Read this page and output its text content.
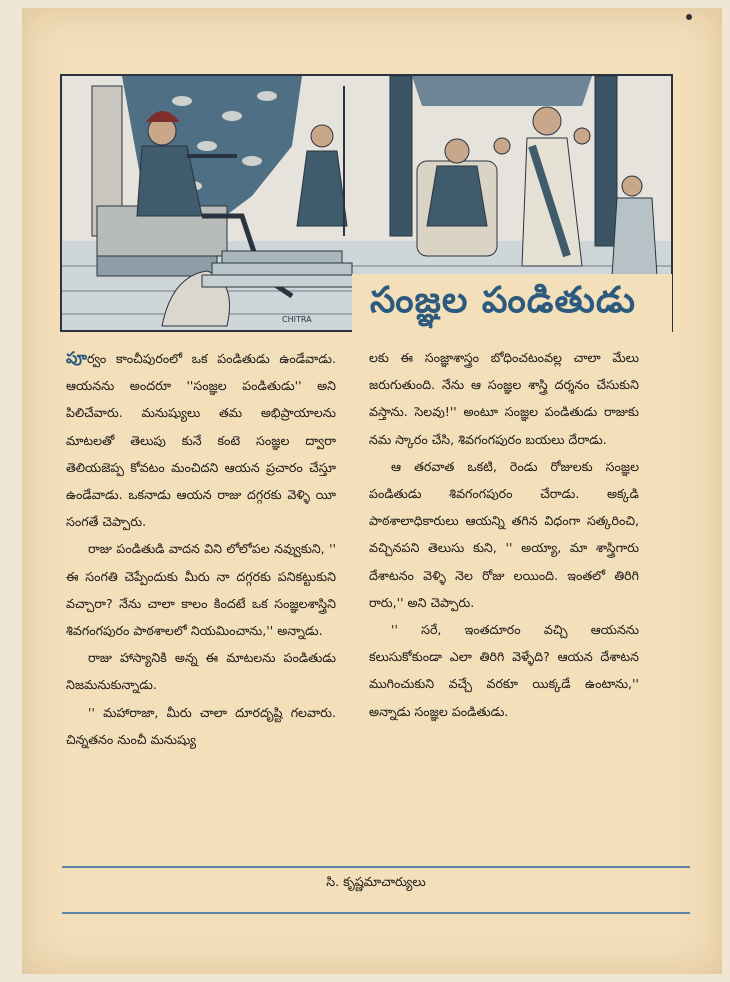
CHITRA	సంజ్ఞల పండితుడు

పూర్వం కాంచీపురంలో ఒక పండితుడు ఉండేవాడు. ఆయనను అందరూ ''సంజ్ఞల పండితుడు'' అని పిలిచేవారు. మనుష్యులు తమ అభిప్రాయాలను మాటలతో తెలుపు కునే కంటె సంజ్ఞల ద్వారా తెలియజెప్ప కోవటం మంచిదని ఆయన ప్రచారం చేస్తూ ఉండేవాడు. ఒకనాడు ఆయన రాజు దగ్గరకు వెళ్ళి యీ సంగతే చెప్పారు.

రాజు పండితుడి వాదన విని లోలోపల నవ్వుకుని, '' ఈ సంగతి చెప్పేందుకు మీరు నా దగ్గరకు పనికట్టుకుని వచ్చారా? నేను చాలా కాలం కిందటే ఒక సంజ్ఞలశాస్త్రిని శివగంగపురం పాఠశాలలో నియమించాను,'' అన్నాడు.

రాజు హాస్యానికి అన్న ఈ మాటలను పండితుడు నిజమనుకున్నాడు.

'' మహారాజా, మీరు చాలా దూరదృష్టి గలవారు. చిన్నతనం నుంచీ మనుష్యు

లకు ఈ సంజ్ఞాశాస్త్రం బోధించటంవల్ల చాలా మేలు జరుగుతుంది. నేను ఆ సంజ్ఞల శాస్త్రి దర్శనం చేసుకుని వస్తాను. సెలవు!'' అంటూ సంజ్ఞల పండితుడు రాజుకు నమ స్కారం చేసి, శివగంగపురం బయలు దేరాడు.

ఆ తరవాత ఒకటి, రెండు రోజులకు సంజ్ఞల పండితుడు శివగంగపురం చేరాడు. అక్కడి పాఠశాలాధికారులు ఆయన్ని తగిన విధంగా సత్కరించి, వచ్చినపని తెలుసు కుని, '' అయ్యా, మా శాస్త్రిగారు దేశాటనం వెళ్ళి నెల రోజు లయింది. ఇంతలో తిరిగి రారు,'' అని చెప్పారు.

'' సరే, ఇంతదూరం వచ్చి ఆయనను కలుసుకోకుండా ఎలా తిరిగి వెళ్ళేది? ఆయన దేశాటన ముగించుకుని వచ్చే వరకూ యిక్కడే ఉంటాను,'' అన్నాడు సంజ్ఞల పండితుడు.

సి. కృష్ణమాచార్యులు
